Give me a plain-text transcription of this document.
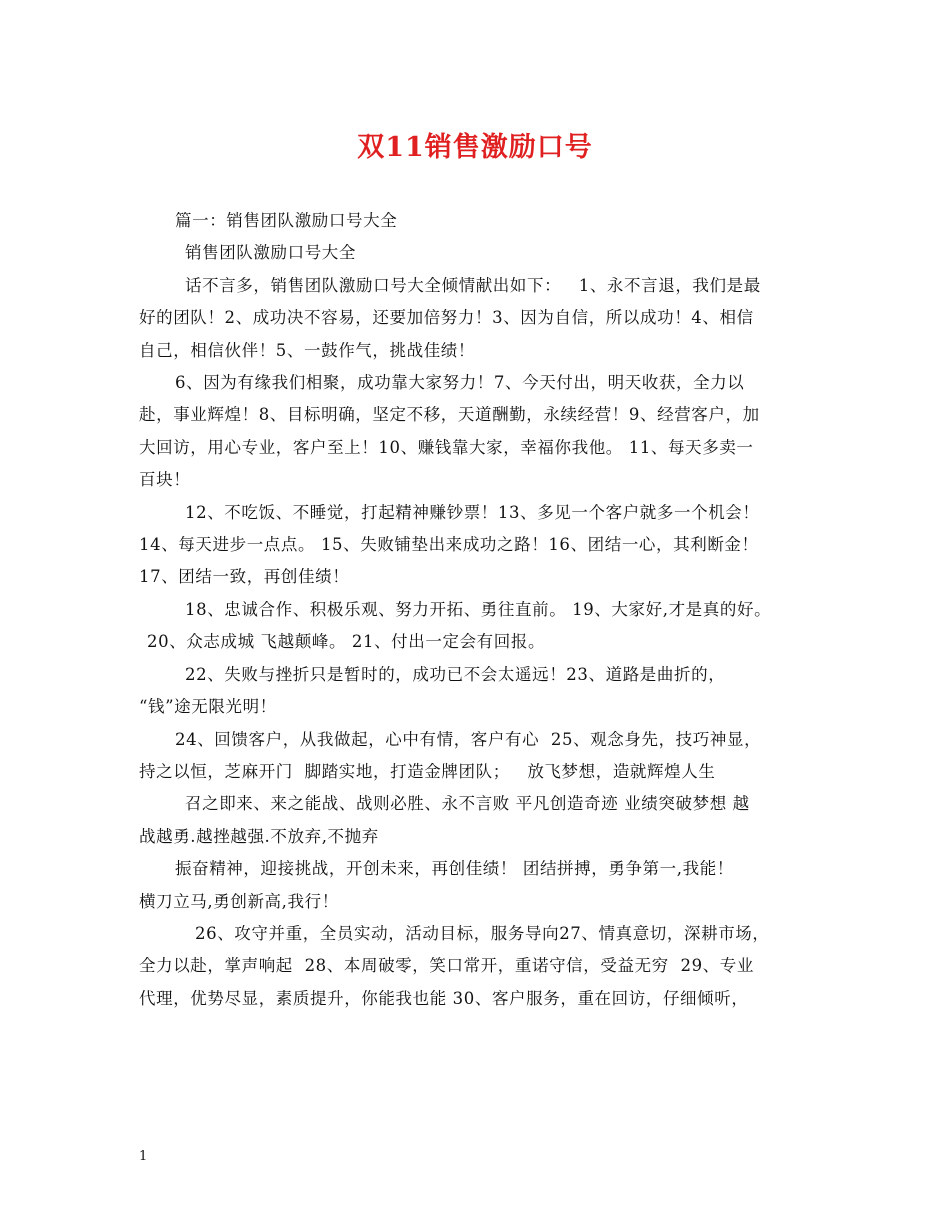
双11销售激励口号
篇一：销售团队激励口号大全
销售团队激励口号大全
话不言多，销售团队激励口号大全倾情献出如下：   1、永不言退，我们是最
好的团队！2、成功决不容易，还要加倍努力！3、因为自信，所以成功！4、相信
自己，相信伙伴！5、一鼓作气，挑战佳绩！
6、因为有缘我们相聚，成功靠大家努力！7、今天付出，明天收获，全力以
赴，事业辉煌！8、目标明确，坚定不移，天道酬勤，永续经营！9、经营客户，加
大回访，用心专业，客户至上！10、赚钱靠大家，幸福你我他。 11、每天多卖一
百块！
12、不吃饭、不睡觉，打起精神赚钞票！13、多见一个客户就多一个机会！
14、每天进步一点点。 15、失败铺垫出来成功之路！16、团结一心，其利断金！
17、团结一致，再创佳绩！
18、忠诚合作、积极乐观、努力开拓、勇往直前。 19、大家好,才是真的好。
20、众志成城 飞越颠峰。 21、付出一定会有回报。
22、失败与挫折只是暂时的，成功已不会太遥远！23、道路是曲折的，
“钱”途无限光明！
24、回馈客户，从我做起，心中有情，客户有心  25、观念身先，技巧神显，
持之以恒，芝麻开门  脚踏实地，打造金牌团队；   放飞梦想，造就辉煌人生
召之即来、来之能战、战则必胜、永不言败 平凡创造奇迹 业绩突破梦想 越
战越勇.越挫越强.不放弃,不抛弃
振奋精神，迎接挑战，开创未来，再创佳绩！ 团结拼搏，勇争第一,我能！
横刀立马,勇创新高,我行！
26、攻守并重，全员实动，活动目标，服务导向27、情真意切，深耕市场，
全力以赴，掌声响起  28、本周破零，笑口常开，重诺守信，受益无穷  29、专业
代理，优势尽显，素质提升，你能我也能 30、客户服务，重在回访，仔细倾听，
1
